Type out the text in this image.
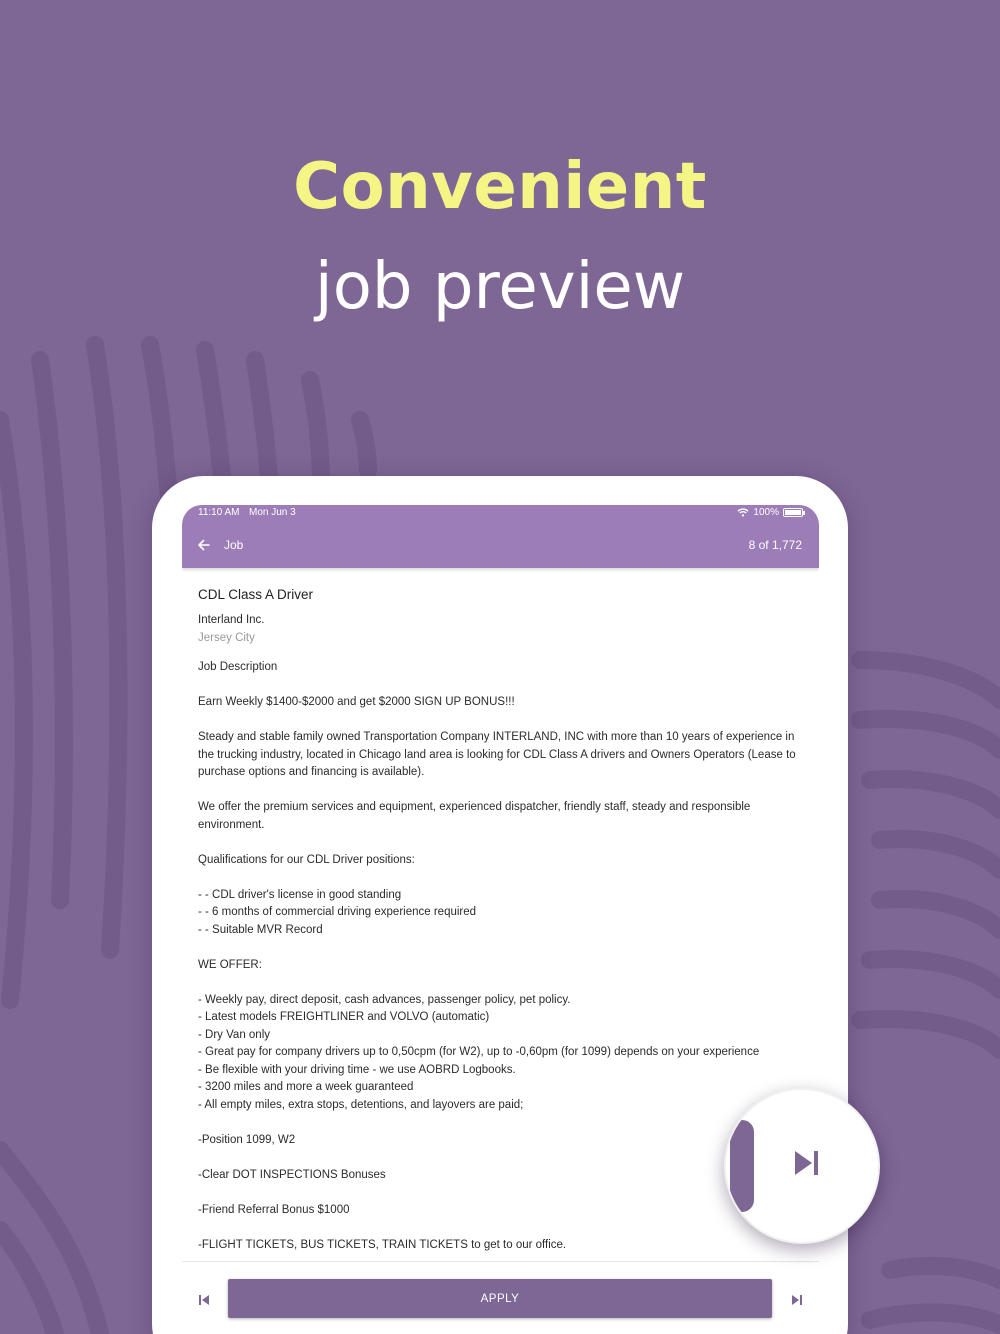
Convenient
job preview
11:10 AM Mon Jun 3	100%
Job	8 of 1,772
CDL Class A Driver
Interland Inc.
Jersey City
Job Description
Earn Weekly $1400-$2000 and get $2000 SIGN UP BONUS!!!
Steady and stable family owned Transportation Company INTERLAND, INC with more than 10 years of experience in the trucking industry, located in Chicago land area is looking for CDL Class A drivers and Owners Operators (Lease to purchase options and financing is available).
We offer the premium services and equipment, experienced dispatcher, friendly staff, steady and responsible environment.
Qualifications for our CDL Driver positions:
- - CDL driver's license in good standing
- - 6 months of commercial driving experience required
- - Suitable MVR Record
WE OFFER:
- Weekly pay, direct deposit, cash advances, passenger policy, pet policy.
- Latest models FREIGHTLINER and VOLVO (automatic)
- Dry Van only
- Great pay for company drivers up to 0,50cpm (for W2), up to -0,60pm (for 1099) depends on your experience
- Be flexible with your driving time - we use AOBRD Logbooks.
- 3200 miles and more a week guaranteed
- All empty miles, extra stops, detentions, and layovers are paid;
-Position 1099, W2
-Clear DOT INSPECTIONS Bonuses
-Friend Referral Bonus $1000
-FLIGHT TICKETS, BUS TICKETS, TRAIN TICKETS to get to our office.
APPLY
